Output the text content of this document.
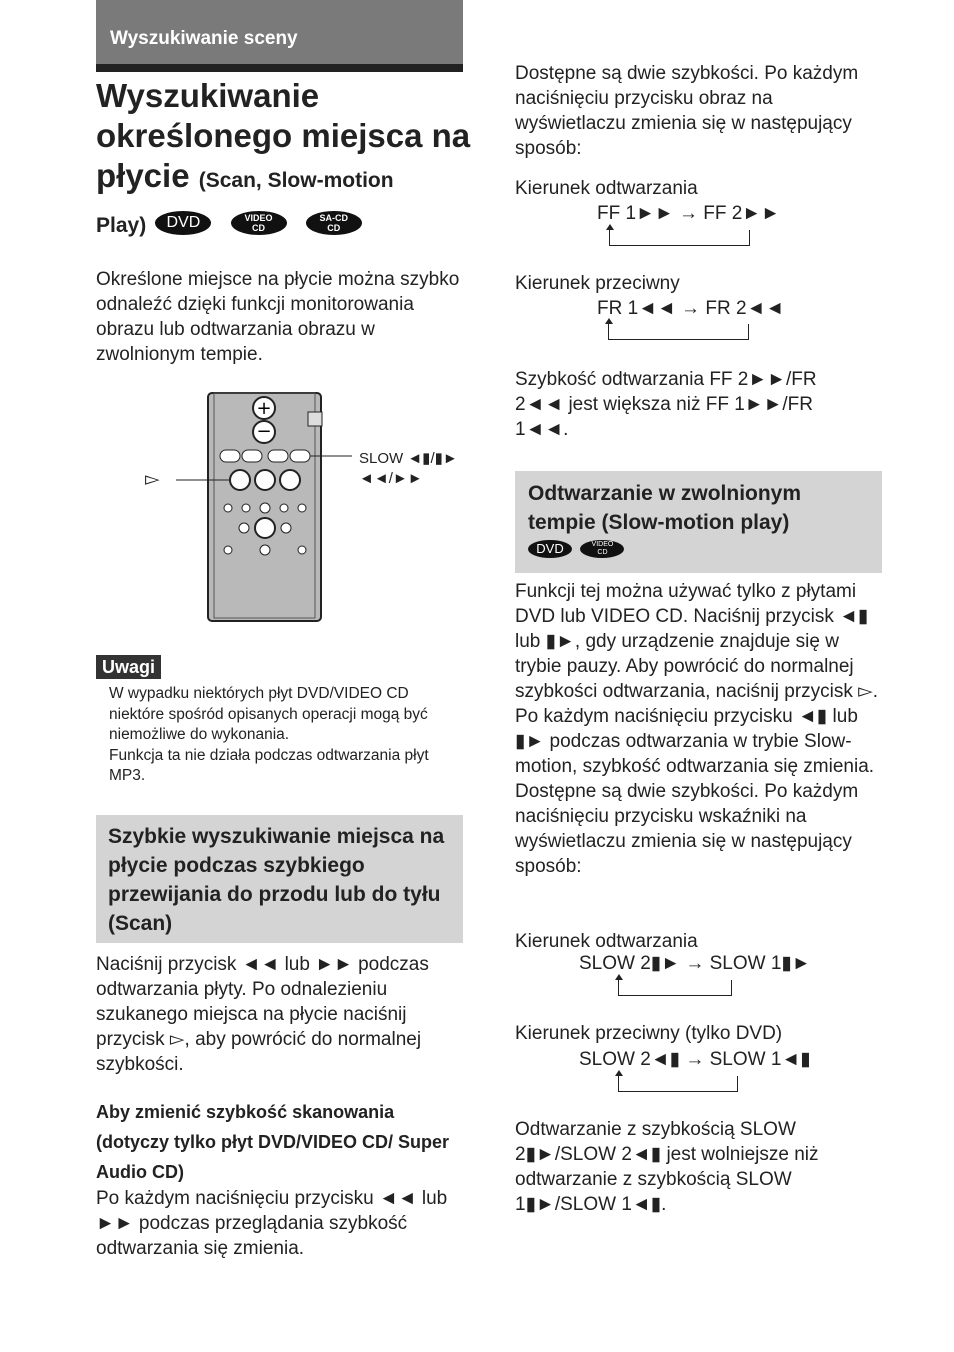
Wyszukiwanie sceny
Wyszukiwanie określonego miejsca na płycie (Scan, Slow-motion
Play) DVD	VIDEO
CD SA-CD
CD

Określone miejsce na płycie można szybko odnaleźć dzięki funkcji monitorowania obrazu lub odtwarzania obrazu w zwolnionym tempie.

+
−
▻
SLOW ◄▮/▮►
◄◄/►►
Uwagi
W wypadku niektórych płyt DVD/VIDEO CD niektóre spośród opisanych operacji mogą być niemożliwe do wykonania.
Funkcja ta nie działa podczas odtwarzania płyt MP3.

Szybkie wyszukiwanie miejsca na płycie podczas szybkiego przewijania do przodu lub do tyłu (Scan)

Naciśnij przycisk ◄◄ lub ►► podczas odtwarzania płyty. Po odnalezieniu szukanego miejsca na płycie naciśnij przycisk ▻, aby powrócić do normalnej szybkości.

Aby zmienić szybkość skanowania (dotyczy tylko płyt DVD/VIDEO CD/ Super Audio CD)

Po każdym naciśnięciu przycisku ◄◄ lub ►► podczas przeglądania szybkość odtwarzania się zmienia.

Dostępne są dwie szybkości. Po każdym naciśnięciu przycisku obraz na wyświetlaczu zmienia się w następujący sposób:

Kierunek odtwarzania

FF 1►► → FF 2►►

Kierunek przeciwny

FR 1◄◄ → FR 2◄◄

Szybkość odtwarzania FF 2►►/FR 2◄◄ jest większa niż FF 1►►/FR 1◄◄.

Odtwarzanie w zwolnionym tempie (Slow-motion play)

DVD	VIDEO
CD

Funkcji tej można używać tylko z płytami DVD lub VIDEO CD. Naciśnij przycisk ◄▮ lub ▮►, gdy urządzenie znajduje się w trybie pauzy. Aby powrócić do normalnej szybkości odtwarzania, naciśnij przycisk ▻. Po każdym naciśnięciu przycisku ◄▮ lub ▮► podczas odtwarzania w trybie Slow-motion, szybkość odtwarzania się zmienia. Dostępne są dwie szybkości. Po każdym naciśnięciu przycisku wskaźniki na wyświetlaczu zmienia się w następujący sposób:

Kierunek odtwarzania

SLOW 2▮► → SLOW 1▮►

Kierunek przeciwny (tylko DVD)

SLOW 2◄▮ → SLOW 1◄▮

Odtwarzanie z szybkością SLOW 2▮►/SLOW 2◄▮ jest wolniejsze niż odtwarzanie z szybkością SLOW 1▮►/SLOW 1◄▮.
